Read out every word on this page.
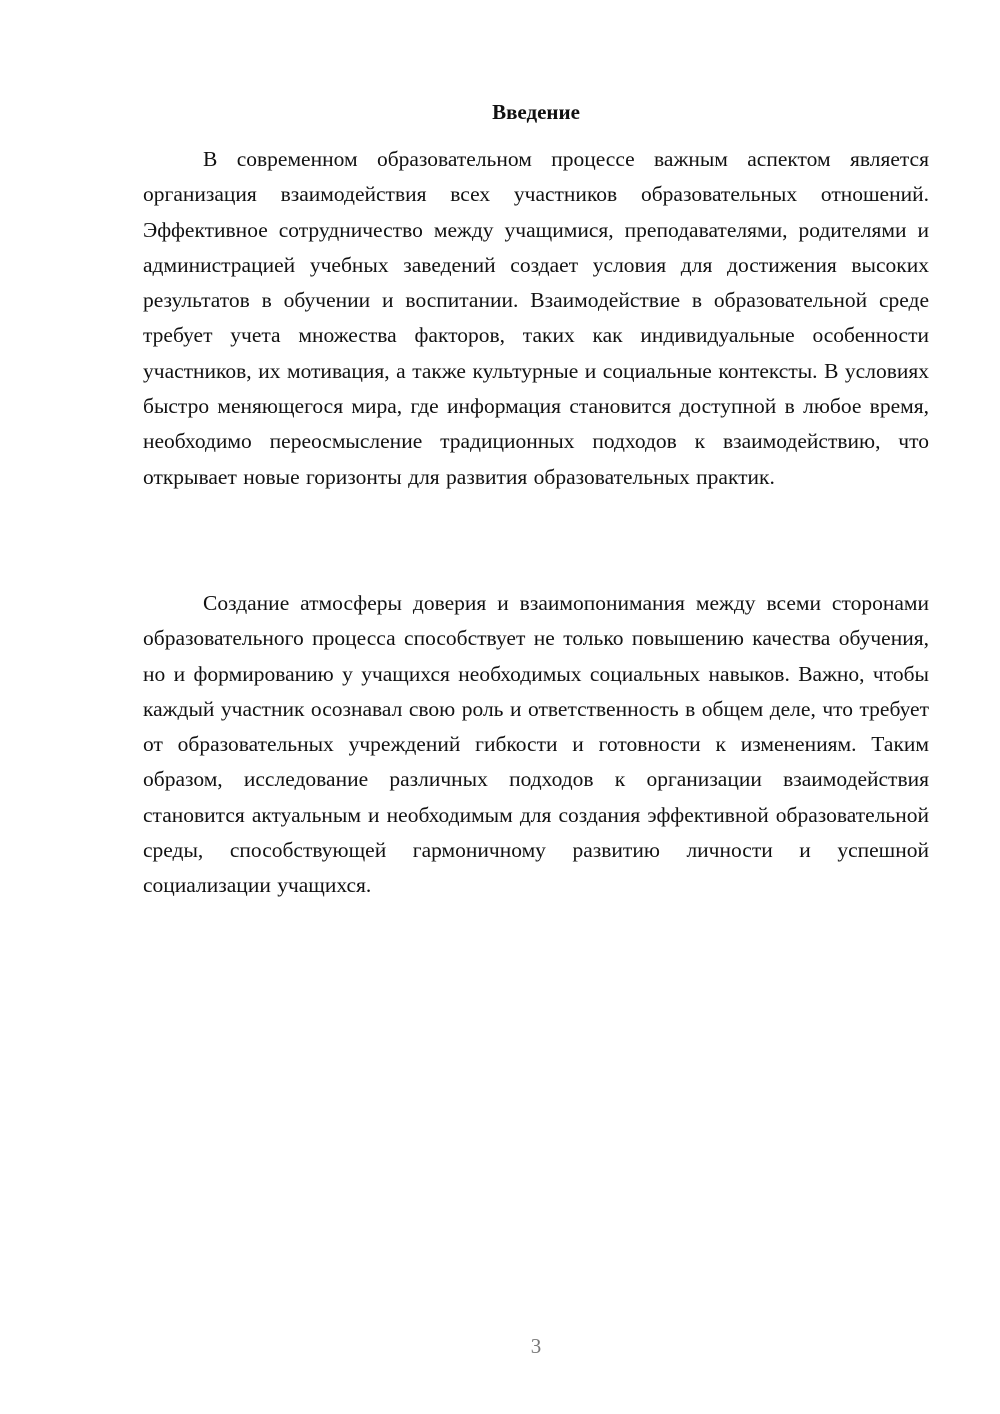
Введение

В современном образовательном процессе важным аспектом является организация взаимодействия всех участников образовательных отношений. Эффективное сотрудничество между учащимися, преподавателями, родителями и администрацией учебных заведений создает условия для достижения высоких результатов в обучении и воспитании. Взаимодействие в образовательной среде требует учета множества факторов, таких как индивидуальные особенности участников, их мотивация, а также культурные и социальные контексты. В условиях быстро меняющегося мира, где информация становится доступной в любое время, необходимо переосмысление традиционных подходов к взаимодействию, что открывает новые горизонты для развития образовательных практик.

Создание атмосферы доверия и взаимопонимания между всеми сторонами образовательного процесса способствует не только повышению качества обучения, но и формированию у учащихся необходимых социальных навыков. Важно, чтобы каждый участник осознавал свою роль и ответственность в общем деле, что требует от образовательных учреждений гибкости и готовности к изменениям. Таким образом, исследование различных подходов к организации взаимодействия становится актуальным и необходимым для создания эффективной образовательной среды, способствующей гармоничному развитию личности и успешной социализации учащихся.

3
